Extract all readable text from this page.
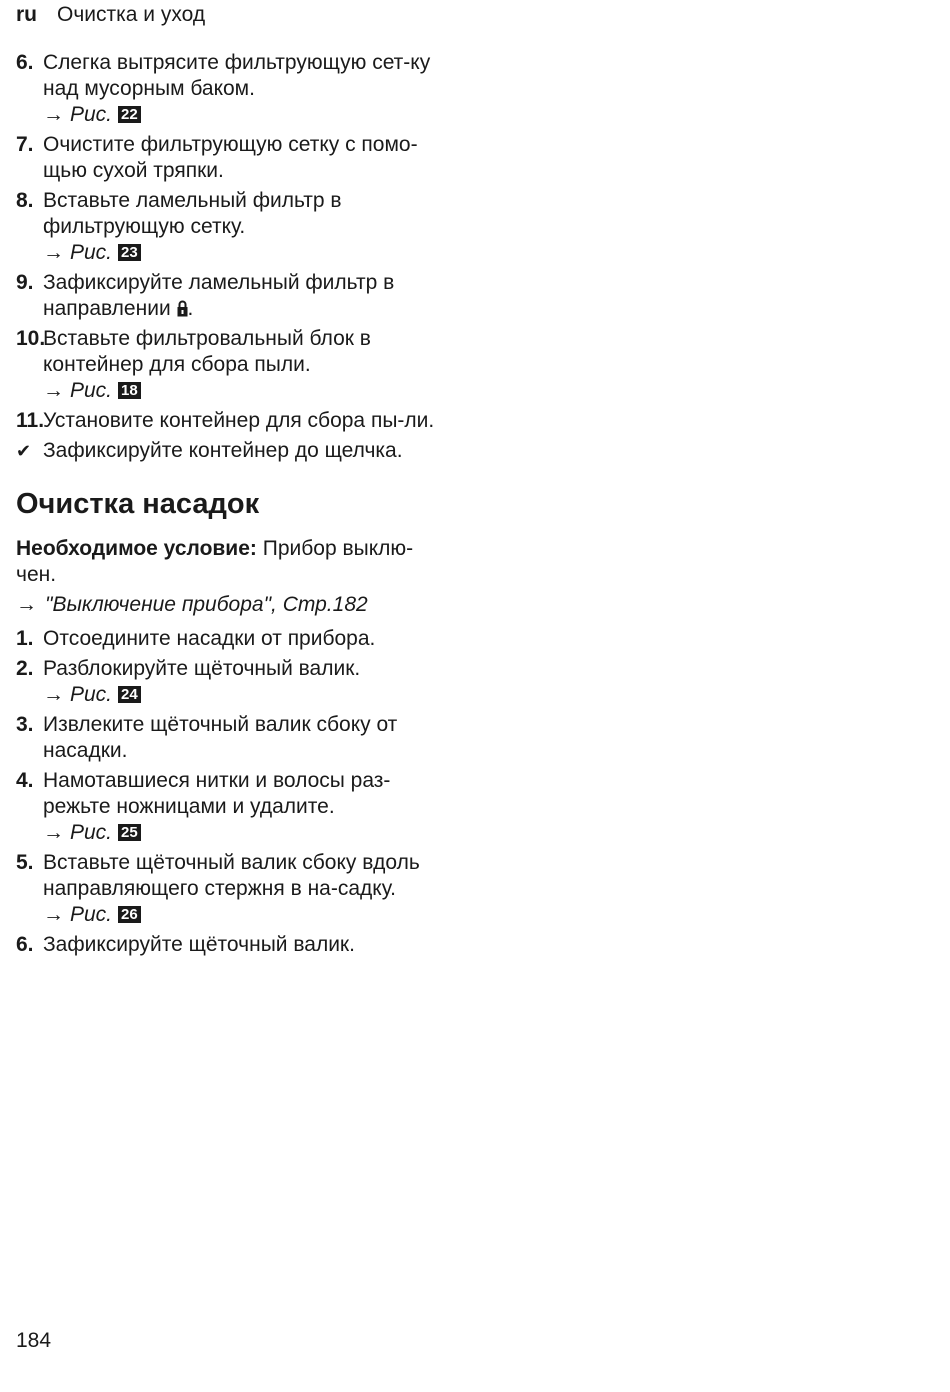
ru Очистка и уход
6. Слегка вытрясите фильтрующую сет-ку над мусорным баком.
→ Рис. 22
7. Очистите фильтрующую сетку с помо-щью сухой тряпки.
8. Вставьте ламельный фильтр в фильтрующую сетку.
→ Рис. 23
9. Зафиксируйте ламельный фильтр в направлении .
10.
Вставьте фильтровальный блок в контейнер для сбора пыли.
→ Рис. 18
11.
Установите контейнер для сбора пы-ли.
✔ Зафиксируйте контейнер до щелчка.
Очистка насадок
Необходимое условие: Прибор выклю-чен.
→ "Выключение прибора", Стр.182
1. Отсоедините насадки от прибора.
2. Разблокируйте щёточный валик.
→ Рис. 24
3. Извлеките щёточный валик сбоку от насадки.
4. Намотавшиеся нитки и волосы раз-режьте ножницами и удалите.
→ Рис. 25
5. Вставьте щёточный валик сбоку вдоль направляющего стержня в на-садку.
→ Рис. 26
6. Зафиксируйте щёточный валик.
184
